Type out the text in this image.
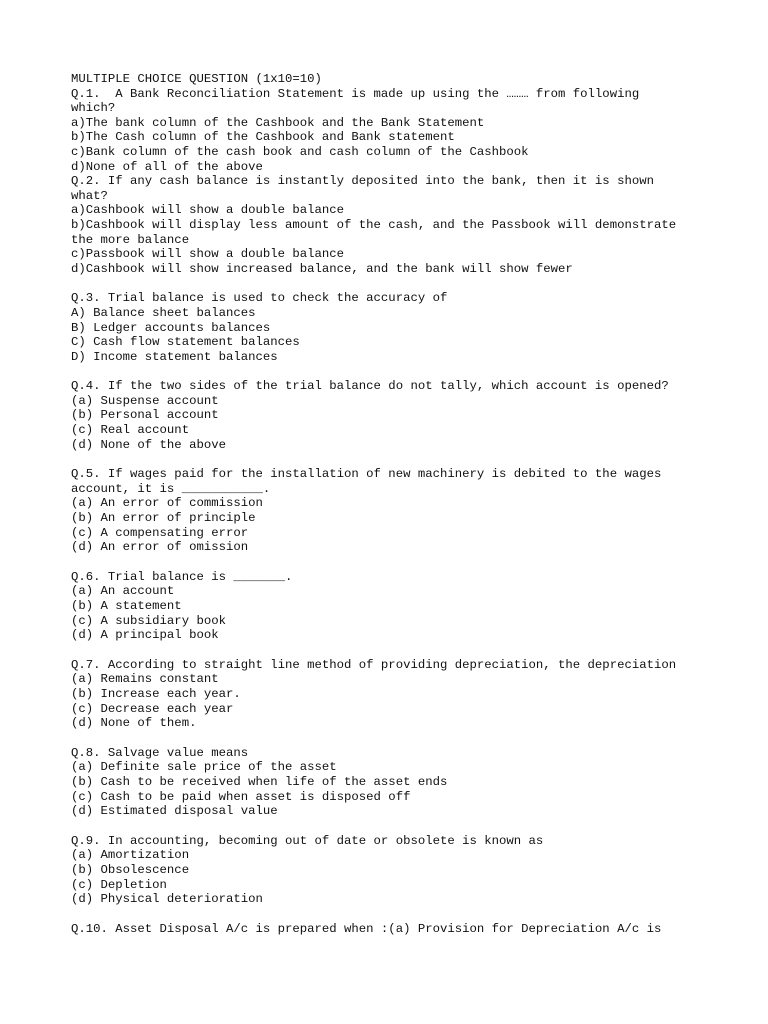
MULTIPLE CHOICE QUESTION (1x10=10)
Q.1.  A Bank Reconciliation Statement is made up using the ……… from following
which?
a)The bank column of the Cashbook and the Bank Statement
b)The Cash column of the Cashbook and Bank statement
c)Bank column of the cash book and cash column of the Cashbook
d)None of all of the above
Q.2. If any cash balance is instantly deposited into the bank, then it is shown
what?
a)Cashbook will show a double balance
b)Cashbook will display less amount of the cash, and the Passbook will demonstrate
the more balance
c)Passbook will show a double balance
d)Cashbook will show increased balance, and the bank will show fewer
Q.3. Trial balance is used to check the accuracy of
A) Balance sheet balances
B) Ledger accounts balances
C) Cash flow statement balances
D) Income statement balances
Q.4. If the two sides of the trial balance do not tally, which account is opened?
(a) Suspense account
(b) Personal account
(c) Real account
(d) None of the above
Q.5. If wages paid for the installation of new machinery is debited to the wages
account, it is ___________.
(a) An error of commission
(b) An error of principle
(c) A compensating error
(d) An error of omission
Q.6. Trial balance is _______.
(a) An account
(b) A statement
(c) A subsidiary book
(d) A principal book
Q.7. According to straight line method of providing depreciation, the depreciation
(a) Remains constant
(b) Increase each year.
(c) Decrease each year
(d) None of them.
Q.8. Salvage value means
(a) Definite sale price of the asset
(b) Cash to be received when life of the asset ends
(c) Cash to be paid when asset is disposed off
(d) Estimated disposal value
Q.9. In accounting, becoming out of date or obsolete is known as
(a) Amortization
(b) Obsolescence
(c) Depletion
(d) Physical deterioration
Q.10. Asset Disposal A/c is prepared when :(a) Provision for Depreciation A/c is
